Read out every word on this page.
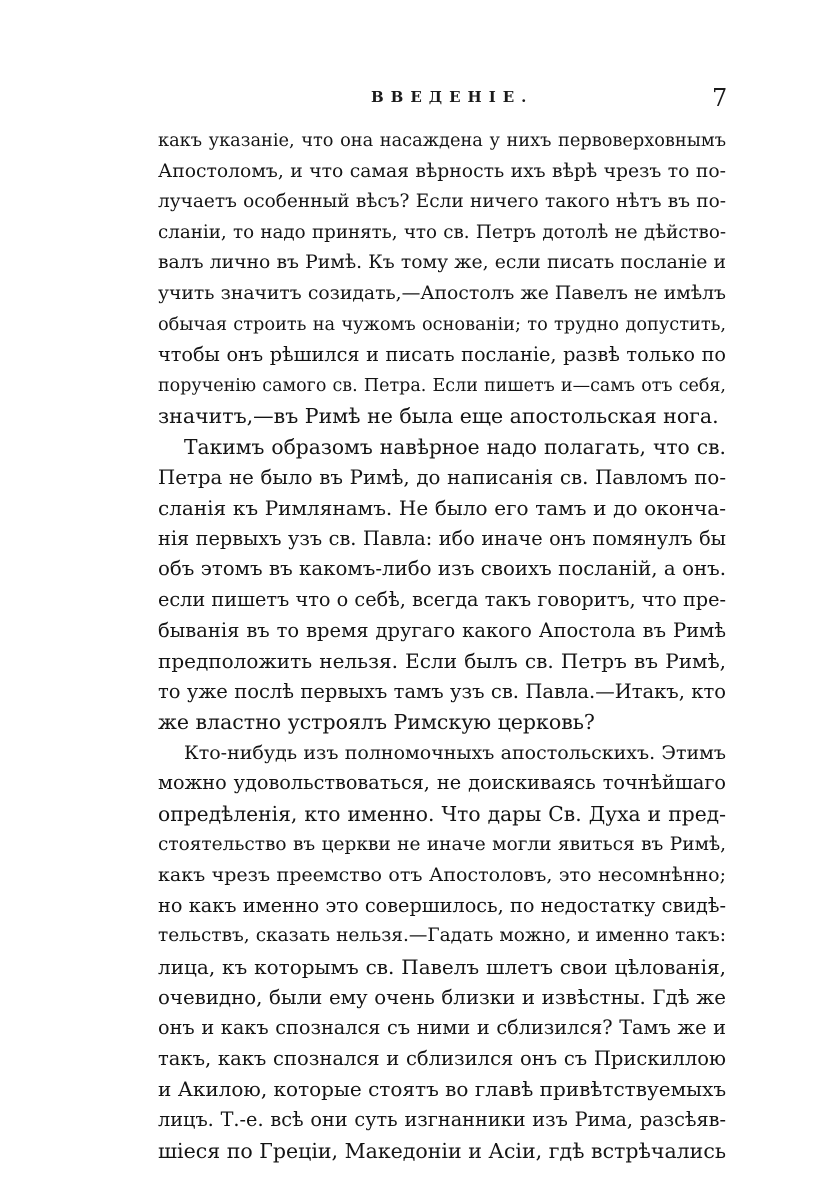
ВВЕДЕНІЕ.	7
какъ указаніе, что она насаждена у нихъ первоверховнымъ
Апостоломъ, и что самая вѣрность ихъ вѣрѣ чрезъ то по-
лучаетъ особенный вѣсъ? Если ничего такого нѣтъ въ по-
сланіи, то надо принять, что св. Петръ дотолѣ не дѣйство-
валъ лично въ Римѣ. Къ тому же, если писать посланіе и
учить значитъ созидать,—Апостолъ же Павелъ не имѣлъ
обычая строить на чужомъ основаніи; то трудно допустить,
чтобы онъ рѣшился и писать посланіе, развѣ только по
порученію самого св. Петра. Если пишетъ и—самъ отъ себя,
значитъ,—въ Римѣ не была еще апостольская нога.
Такимъ образомъ навѣрное надо полагать, что св.
Петра не было въ Римѣ, до написанія св. Павломъ по-
сланія къ Римлянамъ. Не было его тамъ и до оконча-
нія первыхъ узъ св. Павла: ибо иначе онъ помянулъ бы
объ этомъ въ какомъ-либо изъ своихъ посланій, а онъ.
если пишетъ что о себѣ, всегда такъ говоритъ, что пре-
быванія въ то время другаго какого Апостола въ Римѣ
предположить нельзя. Если былъ св. Петръ въ Римѣ,
то уже послѣ первыхъ тамъ узъ св. Павла.—Итакъ, кто
же властно устроялъ Римскую церковь?
Кто-нибудь изъ полномочныхъ апостольскихъ. Этимъ
можно удовольствоваться, не доискиваясь точнѣйшаго
опредѣленія, кто именно. Что дары Св. Духа и пред-
стоятельство въ церкви не иначе могли явиться въ Римѣ,
какъ чрезъ преемство отъ Апостоловъ, это несомнѣнно;
но какъ именно это совершилось, по недостатку свидѣ-
тельствъ, сказать нельзя.—Гадать можно, и именно такъ:
лица, къ которымъ св. Павелъ шлетъ свои цѣлованія,
очевидно, были ему очень близки и извѣстны. Гдѣ же
онъ и какъ спознался съ ними и сблизился? Тамъ же и
такъ, какъ спознался и сблизился онъ съ Прискиллою
и Акилою, которые стоятъ во главѣ привѣтствуемыхъ
лицъ. Т.-е. всѣ они суть изгнанники изъ Рима, разсѣяв-
шіеся по Греціи, Македоніи и Асіи, гдѣ встрѣчались
